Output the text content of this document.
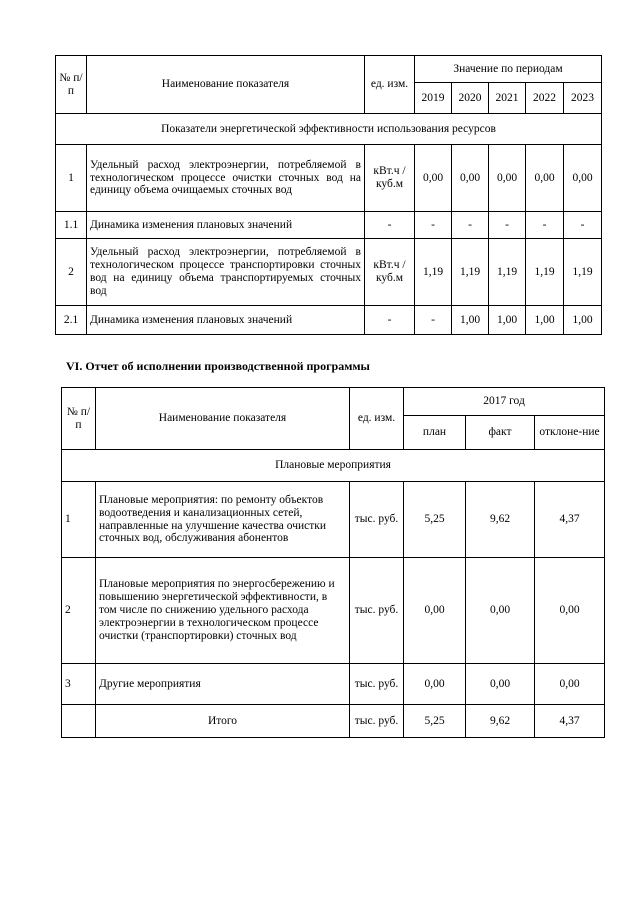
№ п/п	Наименование показателя	ед. изм.	Значение по периодам				
			2019	2020	2021	2022	2023
Показатели энергетической эффективности использования ресурсов							
1	Удельный расход электроэнергии, потребляемой в технологическом процессе очистки сточных вод на единицу объема очищаемых сточных вод	кВт.ч / куб.м	0,00	0,00	0,00	0,00	0,00
1.1	Динамика изменения плановых значений	-	-	-	-	-	-
2	Удельный расход электроэнергии, потребляемой в технологическом процессе транспортировки сточных вод на единицу объема транспортируемых сточных вод	кВт.ч / куб.м	1,19	1,19	1,19	1,19	1,19
2.1	Динамика изменения плановых значений	-	-	1,00	1,00	1,00	1,00
VI. Отчет об исполнении производственной программы
№ п/п	Наименование показателя	ед. изм.	2017 год		
			план	факт	отклоне-ние
Плановые мероприятия					
1	Плановые мероприятия: по ремонту объектов водоотведения и канализационных сетей, направленные на улучшение качества очистки сточных вод, обслуживания абонентов	тыс. руб.	5,25	9,62	4,37
2	Плановые мероприятия по энергосбережению и повышению энергетической эффективности, в том числе по снижению удельного расхода электроэнергии в технологическом процессе очистки (транспортировки) сточных вод	тыс. руб.	0,00	0,00	0,00
3	Другие мероприятия	тыс. руб.	0,00	0,00	0,00
	Итого	тыс. руб.	5,25	9,62	4,37
